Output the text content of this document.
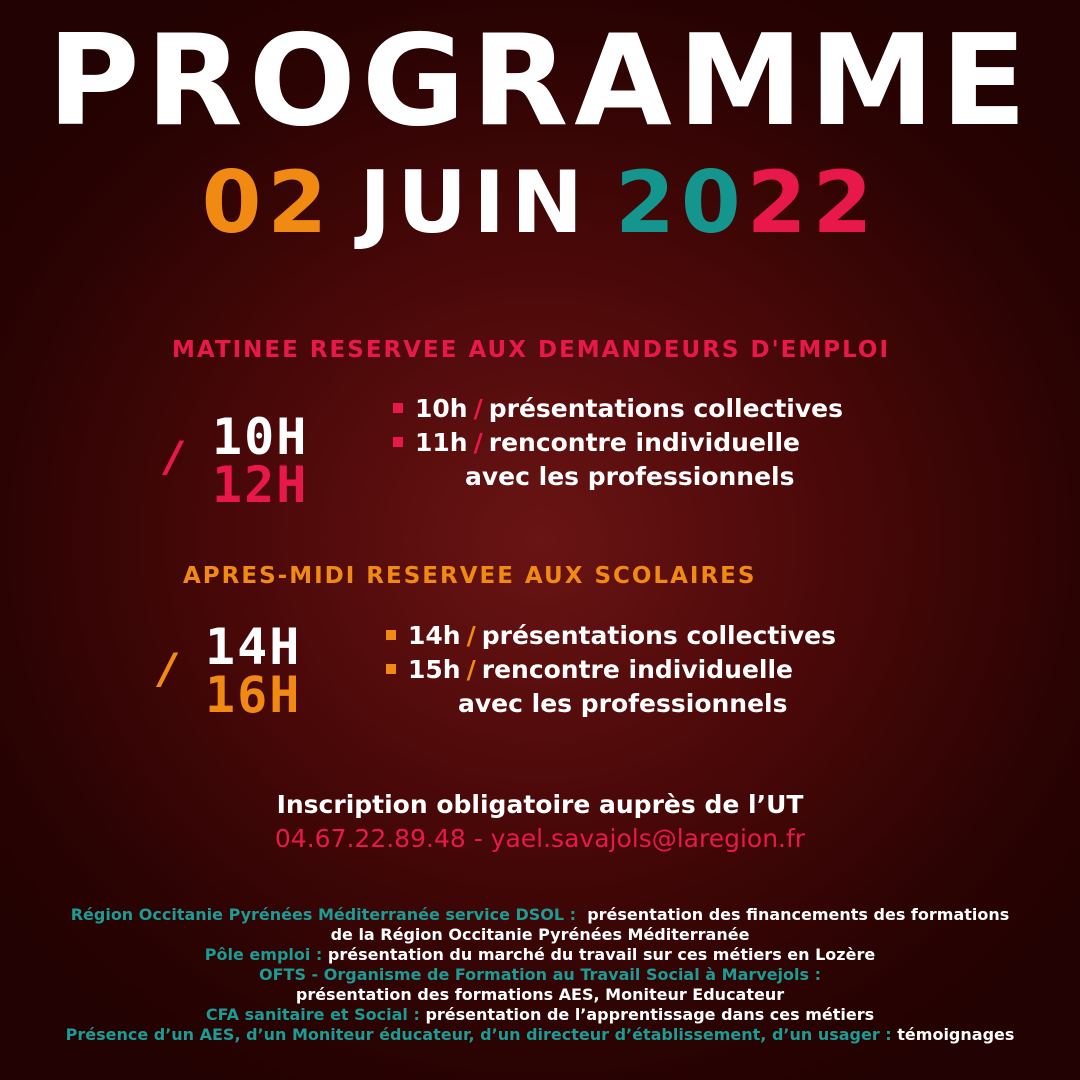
PROGRAMME
02 JUIN 2022
MATINEE RESERVEE AUX DEMANDEURS D'EMPLOI
/ 10H
12H
10h / présentations collectives
11h / rencontre individuelle
avec les professionnels
APRES-MIDI RESERVEE AUX SCOLAIRES
/ 14H
16H
14h / présentations collectives
15h / rencontre individuelle
avec les professionnels
Inscription obligatoire auprès de l’UT
04.67.22.89.48 - yael.savajols@laregion.fr
Région Occitanie Pyrénées Méditerranée service DSOL : présentation des financements des formations
de la Région Occitanie Pyrénées Méditerranée
Pôle emploi : présentation du marché du travail sur ces métiers en Lozère
OFTS - Organisme de Formation au Travail Social à Marvejols :
présentation des formations AES, Moniteur Educateur
CFA sanitaire et Social : présentation de l’apprentissage dans ces métiers
Présence d’un AES, d’un Moniteur éducateur, d’un directeur d’établissement, d’un usager : témoignages
